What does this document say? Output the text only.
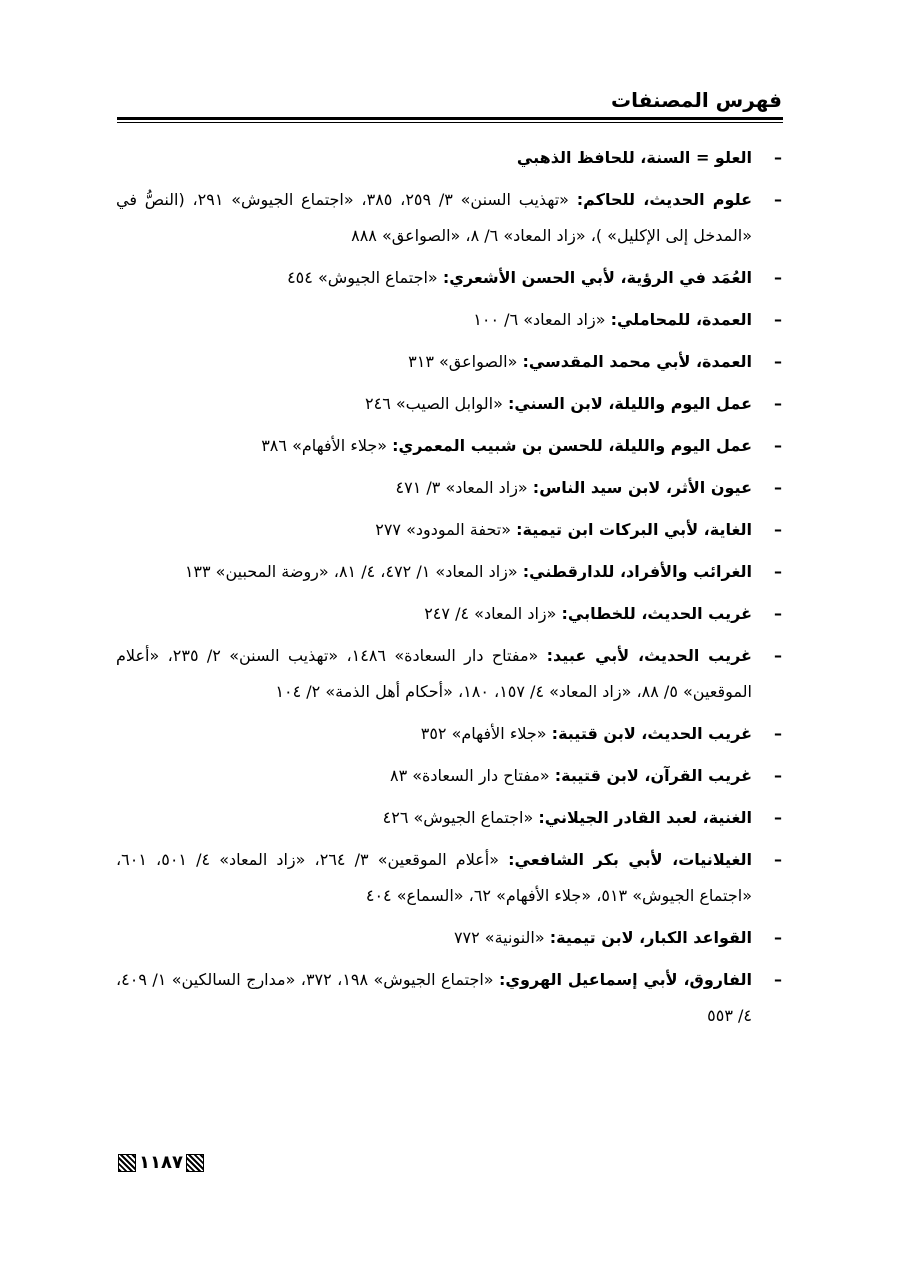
فهرس المصنفات
–
العلو = السنة، للحافظ الذهبي
–
علوم الحديث، للحاكم: «تهذيب السنن» ٣/ ٢٥٩، ٣٨٥، «اجتماع الجيوش» ٢٩١، (النصُّ في «المدخل إلى الإكليل» )، «زاد المعاد» ٦/ ٨، «الصواعق» ٨٨٨
–
العُمَد في الرؤية، لأبي الحسن الأشعري: «اجتماع الجيوش» ٤٥٤
–
العمدة، للمحاملي: «زاد المعاد» ٦/ ١٠٠
–
العمدة، لأبي محمد المقدسي: «الصواعق» ٣١٣
–
عمل اليوم والليلة، لابن السني: «الوابل الصيب» ٢٤٦
–
عمل اليوم والليلة، للحسن بن شبيب المعمري: «جلاء الأفهام» ٣٨٦
–
عيون الأثر، لابن سيد الناس: «زاد المعاد» ٣/ ٤٧١
–
الغاية، لأبي البركات ابن تيمية: «تحفة المودود» ٢٧٧
–
الغرائب والأفراد، للدارقطني: «زاد المعاد» ١/ ٤٧٢، ٤/ ٨١، «روضة المحبين» ١٣٣
–
غريب الحديث، للخطابي: «زاد المعاد» ٤/ ٢٤٧
–
غريب الحديث، لأبي عبيد: «مفتاح دار السعادة» ١٤٨٦، «تهذيب السنن» ٢/ ٢٣٥، «أعلام الموقعين» ٥/ ٨٨، «زاد المعاد» ٤/ ١٥٧، ١٨٠، «أحكام أهل الذمة» ٢/ ١٠٤
–
غريب الحديث، لابن قتيبة: «جلاء الأفهام» ٣٥٢
–
غريب القرآن، لابن قتيبة: «مفتاح دار السعادة» ٨٣
–
الغنية، لعبد القادر الجيلاني: «اجتماع الجيوش» ٤٢٦
–
الغيلانيات، لأبي بكر الشافعي: «أعلام الموقعين» ٣/ ٢٦٤، «زاد المعاد» ٤/ ٥٠١، ٦٠١، «اجتماع الجيوش» ٥١٣، «جلاء الأفهام» ٦٢، «السماع» ٤٠٤
–
القواعد الكبار، لابن تيمية: «النونية» ٧٧٢
–
الفاروق، لأبي إسماعيل الهروي: «اجتماع الجيوش» ١٩٨، ٣٧٢، «مدارج السالكين» ١/ ٤٠٩، ٤/ ٥٥٣
١١٨٧
